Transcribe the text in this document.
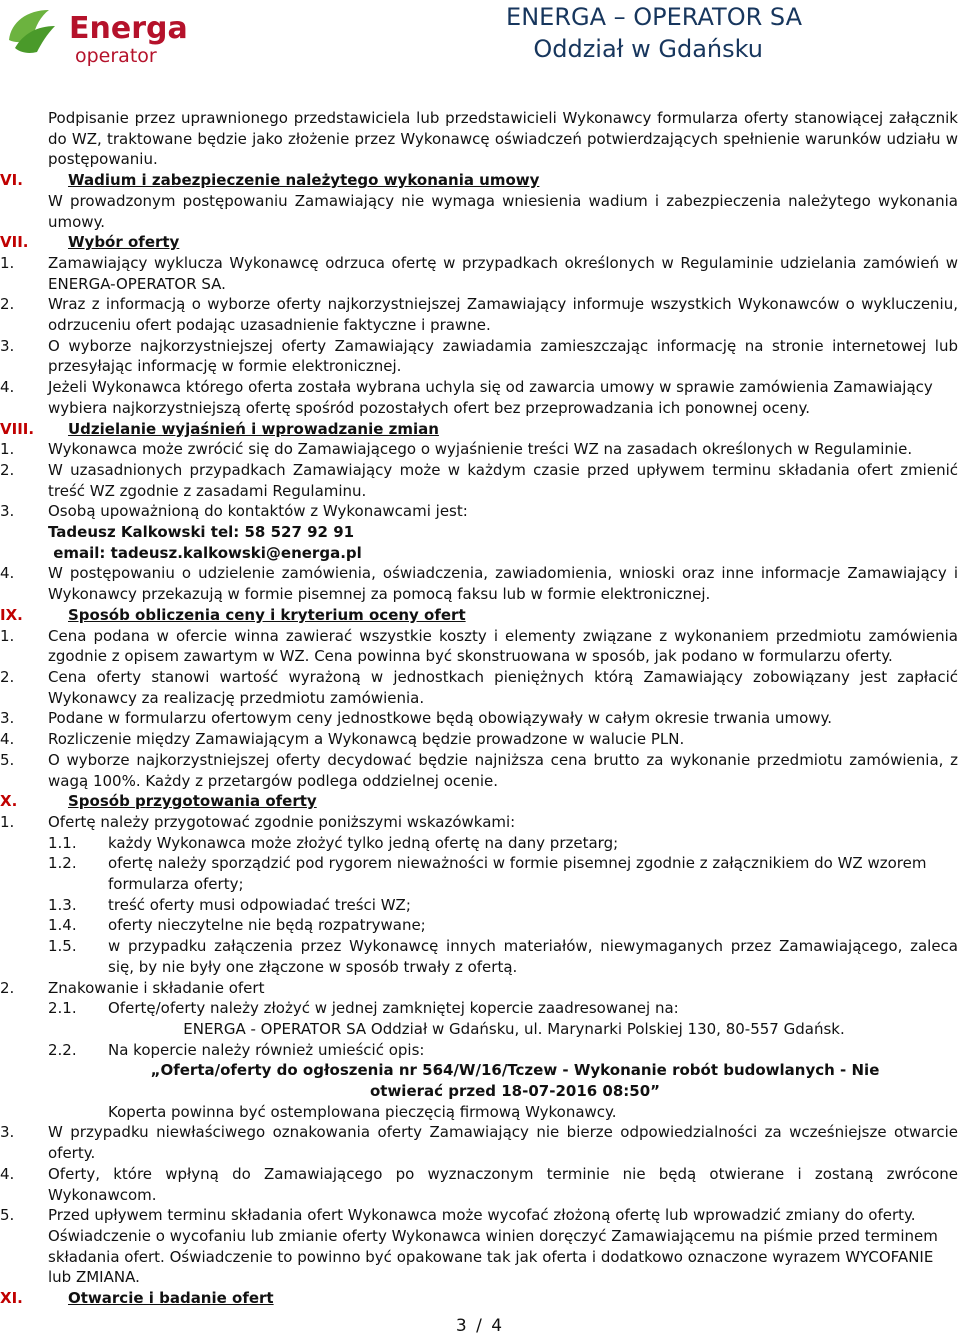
Energa
operator
ENERGA – OPERATOR SA
Oddział w Gdańsku
Podpisanie przez uprawnionego przedstawiciela lub przedstawicieli Wykonawcy formularza oferty stanowiącej załącznik do WZ, traktowane będzie jako złożenie przez Wykonawcę oświadczeń potwierdzających spełnienie warunków udziału w postępowaniu.
VI.	Wadium i zabezpieczenie należytego wykonania umowy
W prowadzonym postępowaniu Zamawiający nie wymaga wniesienia wadium i zabezpieczenia należytego wykonania umowy.
VII.	Wybór oferty
1. Zamawiający wyklucza Wykonawcę odrzuca ofertę w przypadkach określonych w Regulaminie udzielania zamówień w ENERGA-OPERATOR SA.
2. Wraz z informacją o wyborze oferty najkorzystniejszej Zamawiający informuje wszystkich Wykonawców o wykluczeniu, odrzuceniu ofert podając uzasadnienie faktyczne i prawne.
3. O wyborze najkorzystniejszej oferty Zamawiający zawiadamia zamieszczając informację na stronie internetowej lub przesyłając informację w formie elektronicznej.
4. Jeżeli Wykonawca którego oferta została wybrana uchyla się od zawarcia umowy w sprawie zamówienia Zamawiający wybiera najkorzystniejszą ofertę spośród pozostałych ofert bez przeprowadzania ich ponownej oceny.
VIII. Udzielanie wyjaśnień i wprowadzanie zmian
1. Wykonawca może zwrócić się do Zamawiającego o wyjaśnienie treści WZ na zasadach określonych w Regulaminie.
2. W uzasadnionych przypadkach Zamawiający może w każdym czasie przed upływem terminu składania ofert zmienić treść WZ zgodnie z zasadami Regulaminu.
3. Osobą upoważnioną do kontaktów z Wykonawcami jest:
Tadeusz Kalkowski tel: 58 527 92 91
email: tadeusz.kalkowski@energa.pl
4. W postępowaniu o udzielenie zamówienia, oświadczenia, zawiadomienia, wnioski oraz inne informacje Zamawiający i Wykonawcy przekazują w formie pisemnej za pomocą faksu lub w formie elektronicznej.
IX.	Sposób obliczenia ceny i kryterium oceny ofert
1. Cena podana w ofercie winna zawierać wszystkie koszty i elementy związane z wykonaniem przedmiotu zamówienia zgodnie z opisem zawartym w WZ. Cena powinna być skonstruowana w sposób, jak podano w formularzu oferty.
2. Cena oferty stanowi wartość wyrażoną w jednostkach pieniężnych którą Zamawiający zobowiązany jest zapłacić Wykonawcy za realizację przedmiotu zamówienia.
3. Podane w formularzu ofertowym ceny jednostkowe będą obowiązywały w całym okresie trwania umowy.
4. Rozliczenie między Zamawiającym a Wykonawcą będzie prowadzone w walucie PLN.
5. O wyborze najkorzystniejszej oferty decydować będzie najniższa cena brutto za wykonanie przedmiotu zamówienia, z wagą 100%. Każdy z przetargów podlega oddzielnej ocenie.
X.	Sposób przygotowania oferty
1. Ofertę należy przygotować zgodnie poniższymi wskazówkami:
1.1. każdy Wykonawca może złożyć tylko jedną ofertę na dany przetarg;
1.2. ofertę należy sporządzić pod rygorem nieważności w formie pisemnej zgodnie z załącznikiem do WZ wzorem formularza oferty;
1.3. treść oferty musi odpowiadać treści WZ;
1.4. oferty nieczytelne nie będą rozpatrywane;
1.5. w przypadku załączenia przez Wykonawcę innych materiałów, niewymaganych przez Zamawiającego, zaleca się, by nie były one złączone w sposób trwały z ofertą.
2. Znakowanie i składanie ofert
2.1. Ofertę/oferty należy złożyć w jednej zamkniętej kopercie zaadresowanej na:
ENERGA - OPERATOR SA Oddział w Gdańsku, ul. Marynarki Polskiej 130, 80-557 Gdańsk.
2.2. Na kopercie należy również umieścić opis:
„Oferta/oferty do ogłoszenia nr 564/W/16/Tczew - Wykonanie robót budowlanych - Nie otwierać przed 18-07-2016 08:50”
Koperta powinna być ostemplowana pieczęcią firmową Wykonawcy.
3. W przypadku niewłaściwego oznakowania oferty Zamawiający nie bierze odpowiedzialności za wcześniejsze otwarcie oferty.
4. Oferty, które wpłyną do Zamawiającego po wyznaczonym terminie nie będą otwierane i zostaną zwrócone Wykonawcom.
5. Przed upływem terminu składania ofert Wykonawca może wycofać złożoną ofertę lub wprowadzić zmiany do oferty. Oświadczenie o wycofaniu lub zmianie oferty Wykonawca winien doręczyć Zamawiającemu na piśmie przed terminem składania ofert. Oświadczenie to powinno być opakowane tak jak oferta i dodatkowo oznaczone wyrazem WYCOFANIE lub ZMIANA.
XI.	Otwarcie i badanie ofert
3 / 4
